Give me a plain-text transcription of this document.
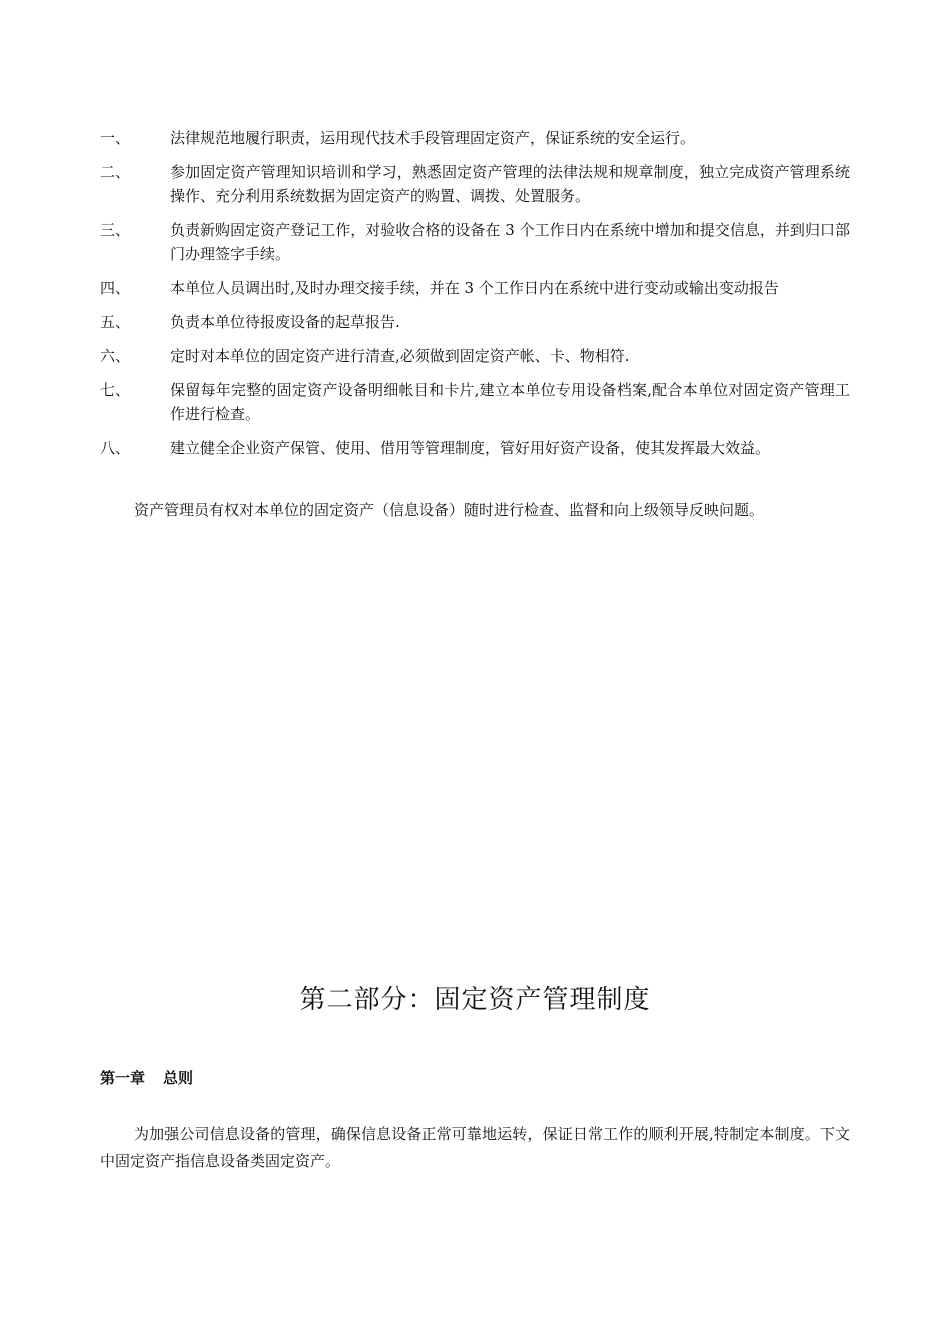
一、	法律规范地履行职责，运用现代技术手段管理固定资产，保证系统的安全运行。
二、	参加固定资产管理知识培训和学习，熟悉固定资产管理的法律法规和规章制度，独立完成资产管理系统操作、充分利用系统数据为固定资产的购置、调拨、处置服务。
三、	负责新购固定资产登记工作，对验收合格的设备在 3 个工作日内在系统中增加和提交信息，并到归口部门办理签字手续。
四、	本单位人员调出时,及时办理交接手续，并在 3 个工作日内在系统中进行变动或输出变动报告
五、	负责本单位待报废设备的起草报告.
六、	定时对本单位的固定资产进行清查,必须做到固定资产帐、卡、物相符.
七、	保留每年完整的固定资产设备明细帐目和卡片,建立本单位专用设备档案,配合本单位对固定资产管理工作进行检查。
八、	建立健全企业资产保管、使用、借用等管理制度，管好用好资产设备，使其发挥最大效益。
资产管理员有权对本单位的固定资产（信息设备）随时进行检查、监督和向上级领导反映问题。
第二部分：固定资产管理制度
第一章 总则
为加强公司信息设备的管理，确保信息设备正常可靠地运转，保证日常工作的顺利开展,特制定本制度。下文中固定资产指信息设备类固定资产。
